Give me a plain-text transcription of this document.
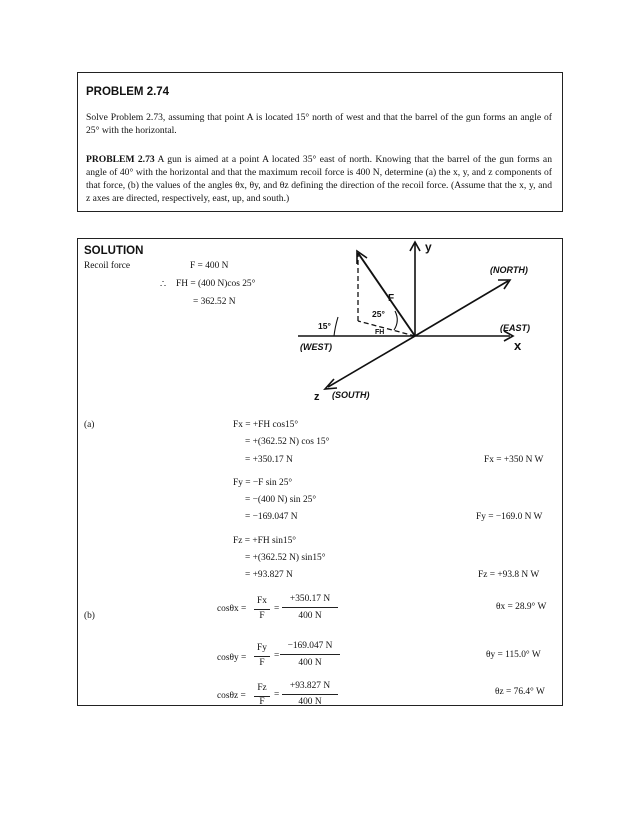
PROBLEM 2.74
Solve Problem 2.73, assuming that point A is located 15° north of west and that the barrel of the gun forms an angle of 25° with the horizontal.
PROBLEM 2.73 A gun is aimed at a point A located 35° east of north. Knowing that the barrel of the gun forms an angle of 40° with the horizontal and that the maximum recoil force is 400 N, determine (a) the x, y, and z components of that force, (b) the values of the angles θx, θy, and θz defining the direction of the recoil force. (Assume that the x, y, and z axes are directed, respectively, east, up, and south.)
SOLUTION
Recoil force	F = 400 N
∴ FH = (400 N)cos 25°
= 362.52 N
y
(NORTH)
(EAST)
x
(WEST)
z (SOUTH)
F
FH
15°
25°
(a)	Fx = +FH cos15°
= +(362.52 N) cos 15°
= +350.17 N	Fx = +350 N W
Fy = −F sin 25°
= −(400 N) sin 25°
= −169.047 N	Fy = −169.0 N W
Fz = +FH sin15°
= +(362.52 N) sin15°
= +93.827 N	Fz = +93.8 N W
(b)
cosθx =
Fx
F
=
+350.17 N
400 N
θx = 28.9° W
cosθy =
Fy
F
=
−169.047 N
400 N
θy = 115.0° W
cosθz =
Fz
F
=
+93.827 N
400 N
θz = 76.4° W
